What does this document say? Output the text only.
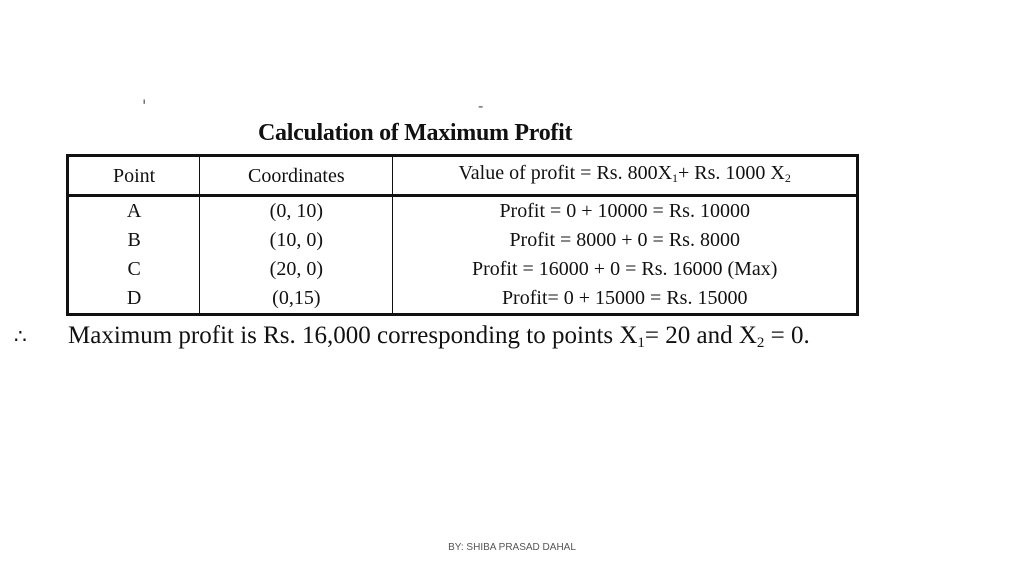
'	-
Calculation of Maximum Profit
Point	Coordinates	Value of profit = Rs. $800X_1+ Rs$. 1000 $X_2$
A	(0, 10)	Profit = 0 + 10000 = Rs. 10000
B	(10, 0)	Profit = 8000 + 0 = Rs. 8000
C	(20, 0)	Profit = 16000 + 0 = Rs. 16000 (Max)
D	(0,15)	Profit= 0 + 15000 = Rs. 15000
∴ Maximum profit is Rs. 16,000 corresponding to points $X_1= 20$ and $X_2 = 0$.
BY: SHIBA PRASAD DAHAL
